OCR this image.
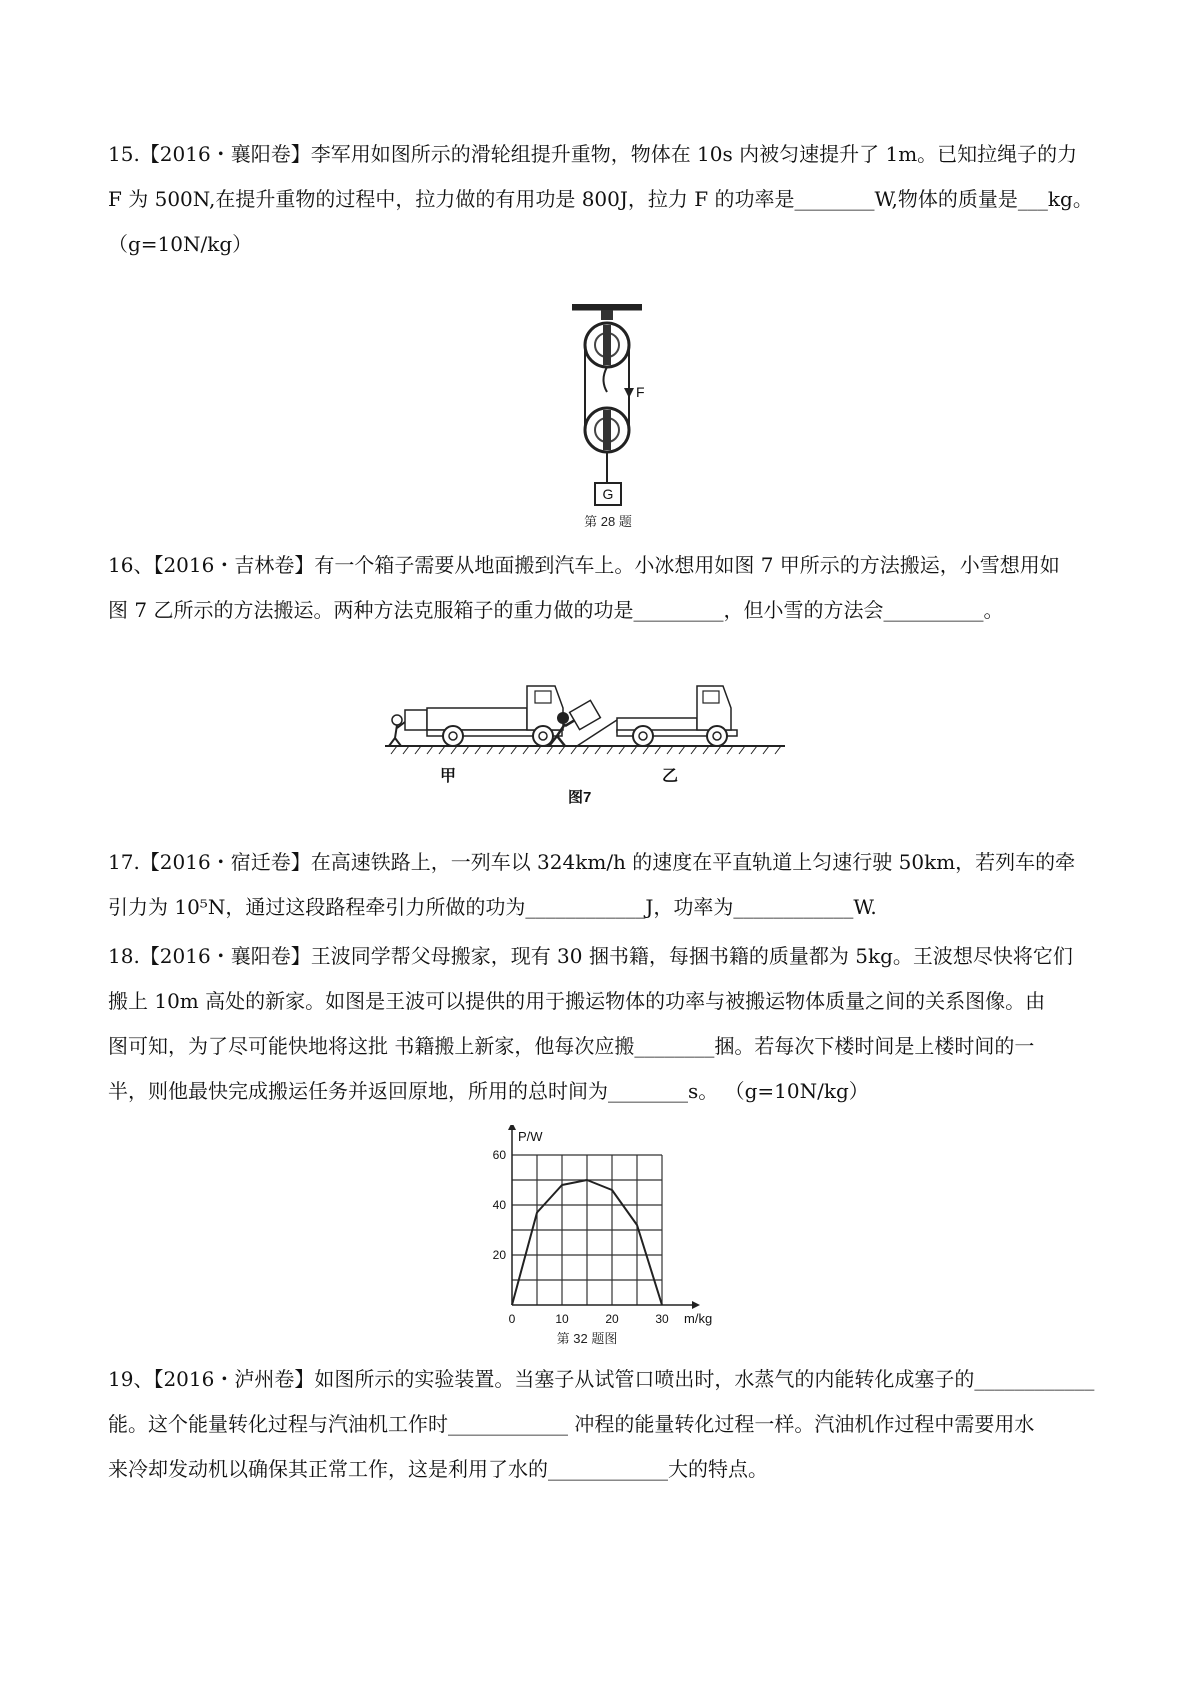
15.【2016・襄阳卷】李军用如图所示的滑轮组提升重物，物体在 10s 内被匀速提升了 1m。已知拉绳子的力

F 为 500N,在提升重物的过程中，拉力做的有用功是 800J，拉力 F 的功率是________W,物体的质量是___kg。

（g=10N/kg）

F
G
第 28 题

16、【2016・吉林卷】有一个箱子需要从地面搬到汽车上。小冰想用如图 7 甲所示的方法搬运，小雪想用如

图 7 乙所示的方法搬运。两种方法克服箱子的重力做的功是_________，但小雪的方法会__________。

甲	乙
图7

17.【2016・宿迁卷】在高速铁路上，一列车以 324km/h 的速度在平直轨道上匀速行驶 50km，若列车的牵

引力为 10⁵N，通过这段路程牵引力所做的功为____________J，功率为____________W.

18.【2016・襄阳卷】王波同学帮父母搬家，现有 30 捆书籍，每捆书籍的质量都为 5kg。王波想尽快将它们

搬上 10m 高处的新家。如图是王波可以提供的用于搬运物体的功率与被搬运物体质量之间的关系图像。由

图可知，为了尽可能快地将这批 书籍搬上新家，他每次应搬________捆。若每次下楼时间是上楼时间的一

半，则他最快完成搬运任务并返回原地，所用的总时间为________s。 （g=10N/kg）

0	10	20	30
20
40
60
m/kg
P/W
第 32 题图

19、【2016・泸州卷】如图所示的实验装置。当塞子从试管口喷出时，水蒸气的内能转化成塞子的____________

能。这个能量转化过程与汽油机工作时____________ 冲程的能量转化过程一样。汽油机作过程中需要用水

来冷却发动机以确保其正常工作，这是利用了水的____________大的特点。
